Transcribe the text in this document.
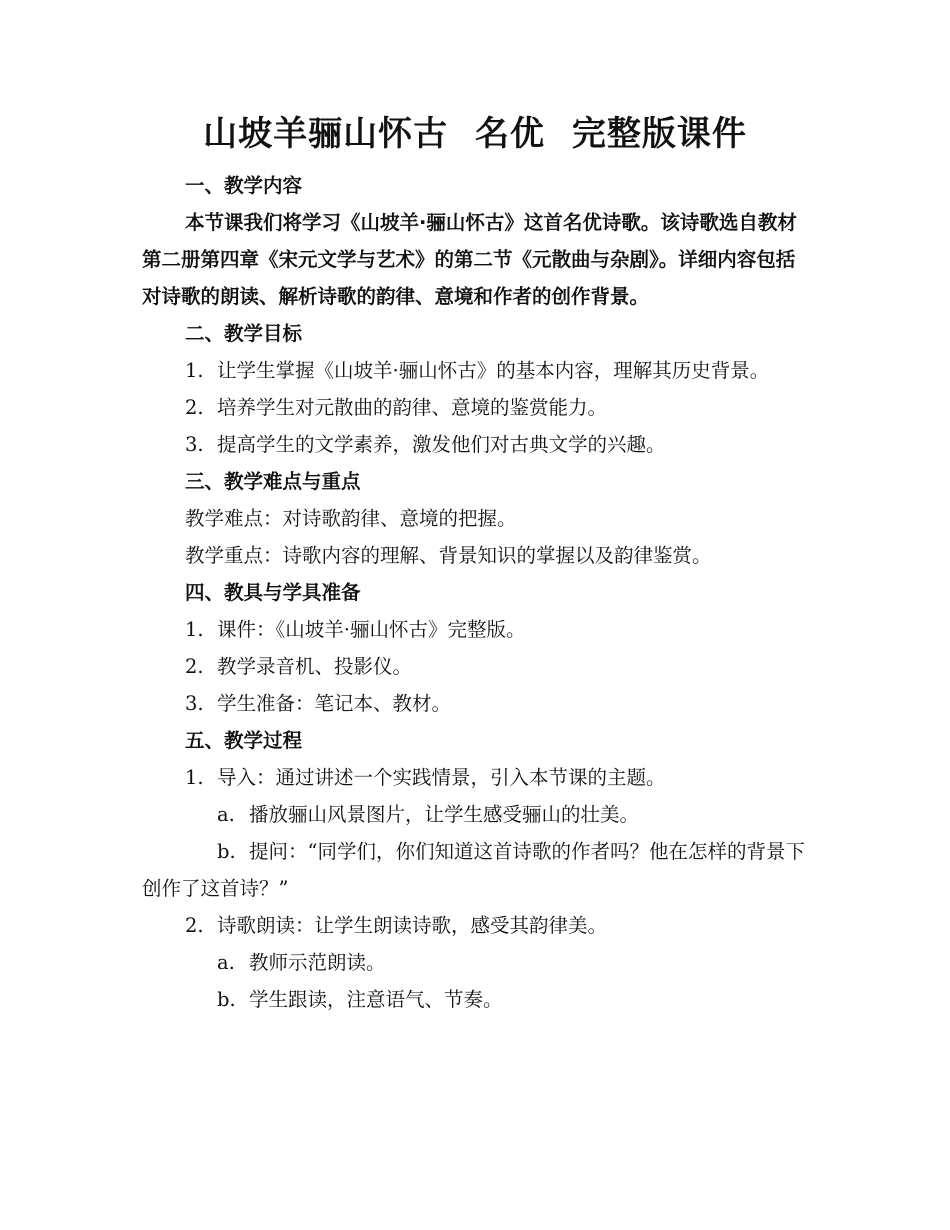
山坡羊骊山怀古 名优 完整版课件

一、教学内容

本节课我们将学习《山坡羊·骊山怀古》这首名优诗歌。该诗歌选自教材第二册第四章《宋元文学与艺术》的第二节《元散曲与杂剧》。详细内容包括对诗歌的朗读、解析诗歌的韵律、意境和作者的创作背景。

二、教学目标

1. 让学生掌握《山坡羊·骊山怀古》的基本内容，理解其历史背景。

2. 培养学生对元散曲的韵律、意境的鉴赏能力。

3. 提高学生的文学素养，激发他们对古典文学的兴趣。

三、教学难点与重点

教学难点：对诗歌韵律、意境的把握。

教学重点：诗歌内容的理解、背景知识的掌握以及韵律鉴赏。

四、教具与学具准备

1. 课件：《山坡羊·骊山怀古》完整版。

2. 教学录音机、投影仪。

3. 学生准备：笔记本、教材。

五、教学过程

1. 导入：通过讲述一个实践情景，引入本节课的主题。

a. 播放骊山风景图片，让学生感受骊山的壮美。

b. 提问：“同学们，你们知道这首诗歌的作者吗？他在怎样的背景下创作了这首诗？”

2. 诗歌朗读：让学生朗读诗歌，感受其韵律美。

a. 教师示范朗读。

b. 学生跟读，注意语气、节奏。
